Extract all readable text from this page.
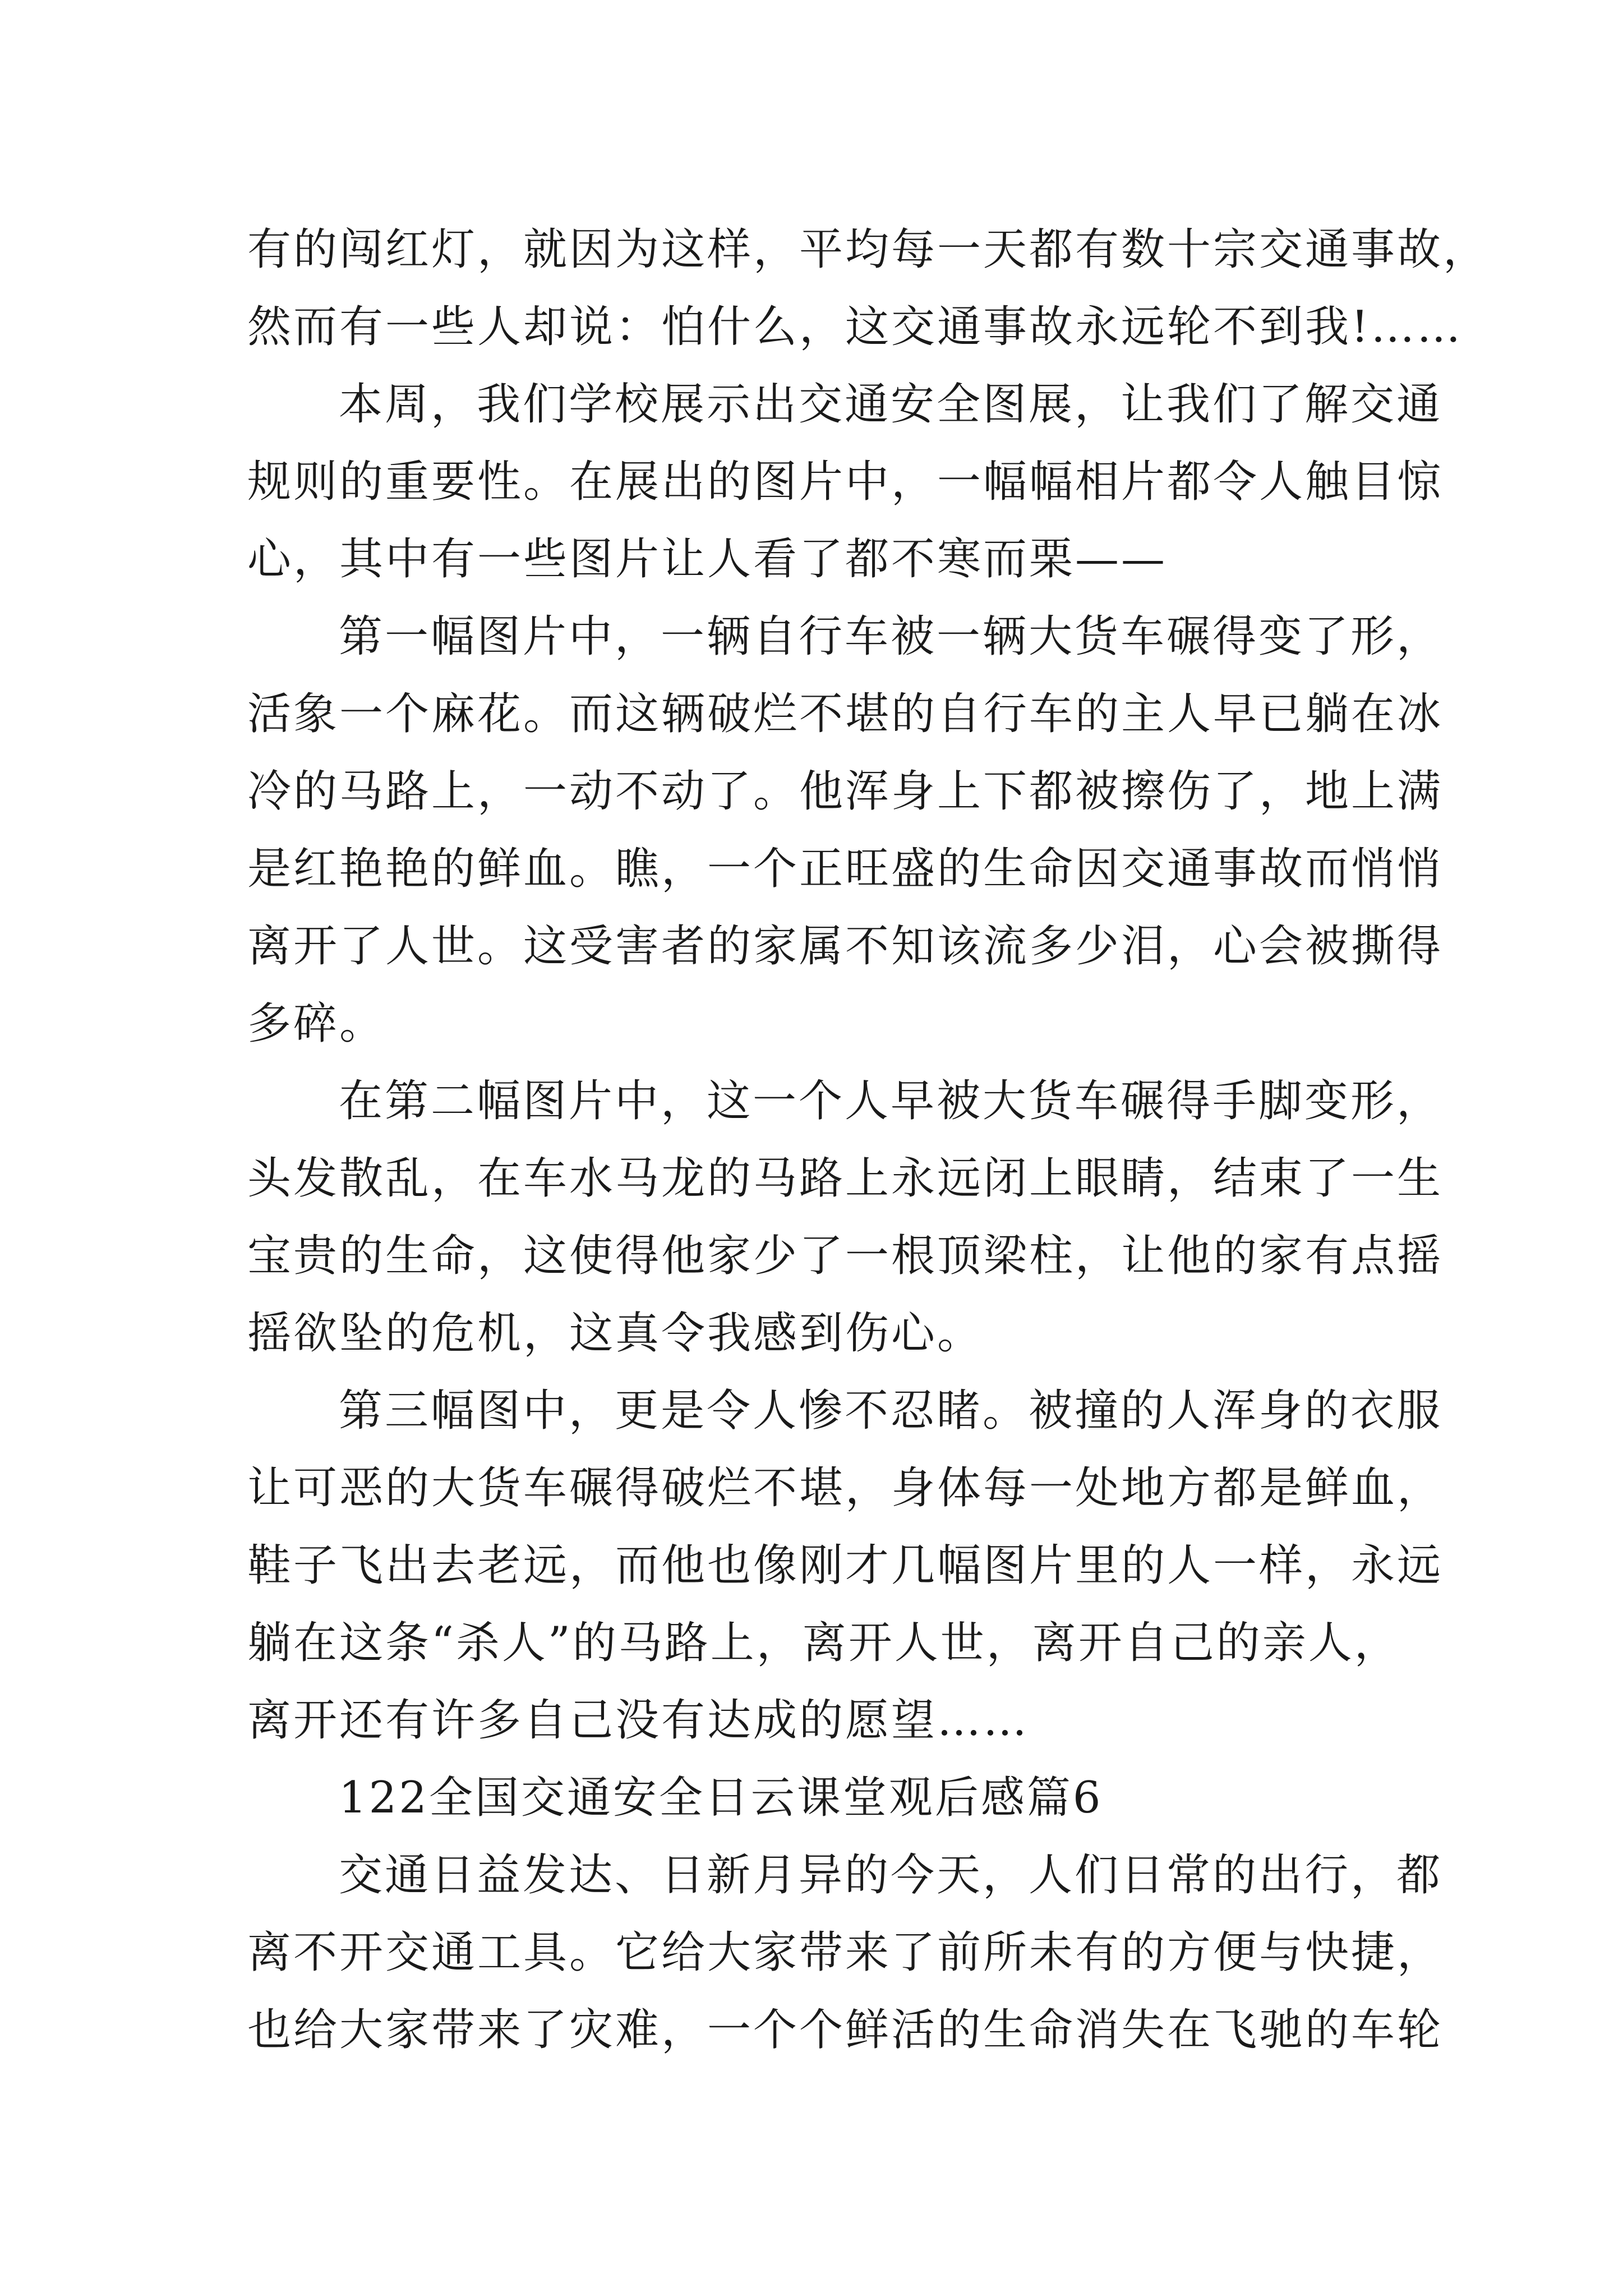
有的闯红灯，就因为这样，平均每一天都有数十宗交通事故，
然而有一些人却说：怕什么，这交通事故永远轮不到我!……
本周，我们学校展示出交通安全图展，让我们了解交通
规则的重要性。在展出的图片中，一幅幅相片都令人触目惊
心，其中有一些图片让人看了都不寒而栗——
第一幅图片中，一辆自行车被一辆大货车碾得变了形，
活象一个麻花。而这辆破烂不堪的自行车的主人早已躺在冰
冷的马路上，一动不动了。他浑身上下都被擦伤了，地上满
是红艳艳的鲜血。瞧，一个正旺盛的生命因交通事故而悄悄
离开了人世。这受害者的家属不知该流多少泪，心会被撕得
多碎。
在第二幅图片中，这一个人早被大货车碾得手脚变形，
头发散乱，在车水马龙的马路上永远闭上眼睛，结束了一生
宝贵的生命，这使得他家少了一根顶梁柱，让他的家有点摇
摇欲坠的危机，这真令我感到伤心。
第三幅图中，更是令人惨不忍睹。被撞的人浑身的衣服
让可恶的大货车碾得破烂不堪，身体每一处地方都是鲜血，
鞋子飞出去老远，而他也像刚才几幅图片里的人一样，永远
躺在这条“杀人”的马路上，离开人世，离开自己的亲人，
离开还有许多自己没有达成的愿望……
122全国交通安全日云课堂观后感篇6
交通日益发达、日新月异的今天，人们日常的出行，都
离不开交通工具。它给大家带来了前所未有的方便与快捷，
也给大家带来了灾难，一个个鲜活的生命消失在飞驰的车轮
